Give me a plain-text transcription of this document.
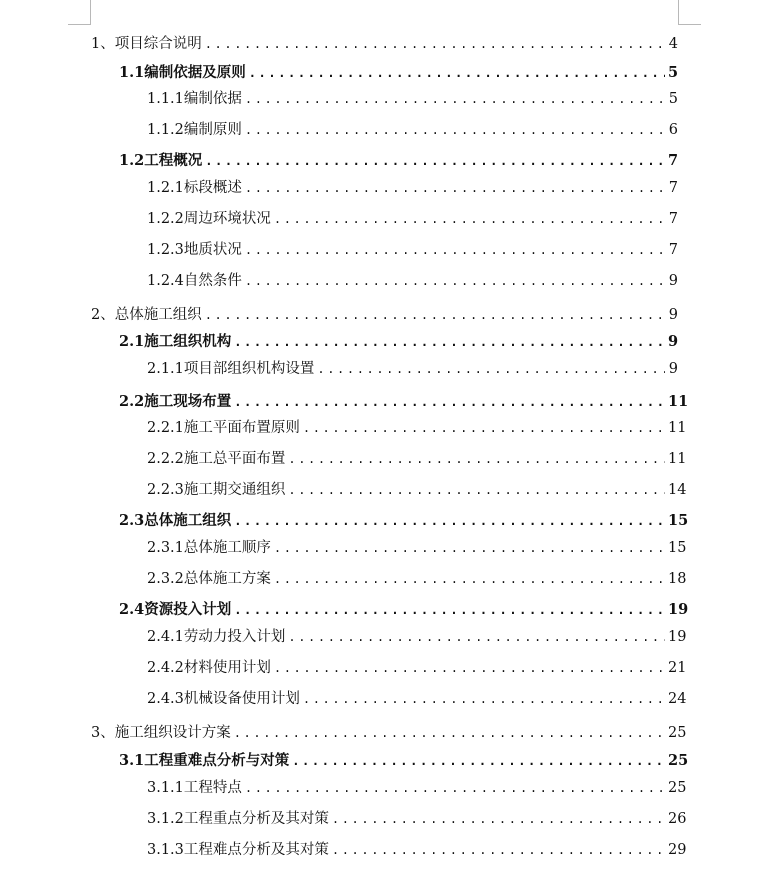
1、 项目综合说明 .....	4
1.1 编制依据及原则 .....	5
1.1.1 编制依据 .....	5
1.1.2 编制原则 .....	6
1.2 工程概况 .....	7
1.2.1 标段概述 .....	7
1.2.2 周边环境状况 .....	7
1.2.3 地质状况 .....	7
1.2.4 自然条件 .....	9
2、 总体施工组织 .....	9
2.1 施工组织机构 .....	9
2.1.1 项目部组织机构设置 .....	9
2.2 施工现场布置 .....	11
2.2.1 施工平面布置原则 .....	11
2.2.2 施工总平面布置 .....	11
2.2.3 施工期交通组织 .....	14
2.3 总体施工组织 .....	15
2.3.1 总体施工顺序 .....	15
2.3.2 总体施工方案 .....	18
2.4 资源投入计划 .....	19
2.4.1 劳动力投入计划 .....	19
2.4.2 材料使用计划 .....	21
2.4.3 机械设备使用计划 .....	24
3、 施工组织设计方案 .....	25
3.1 工程重难点分析与对策 .....	25
3.1.1 工程特点 .....	25
3.1.2 工程重点分析及其对策 .....	26
3.1.3 工程难点分析及其对策 .....	29
